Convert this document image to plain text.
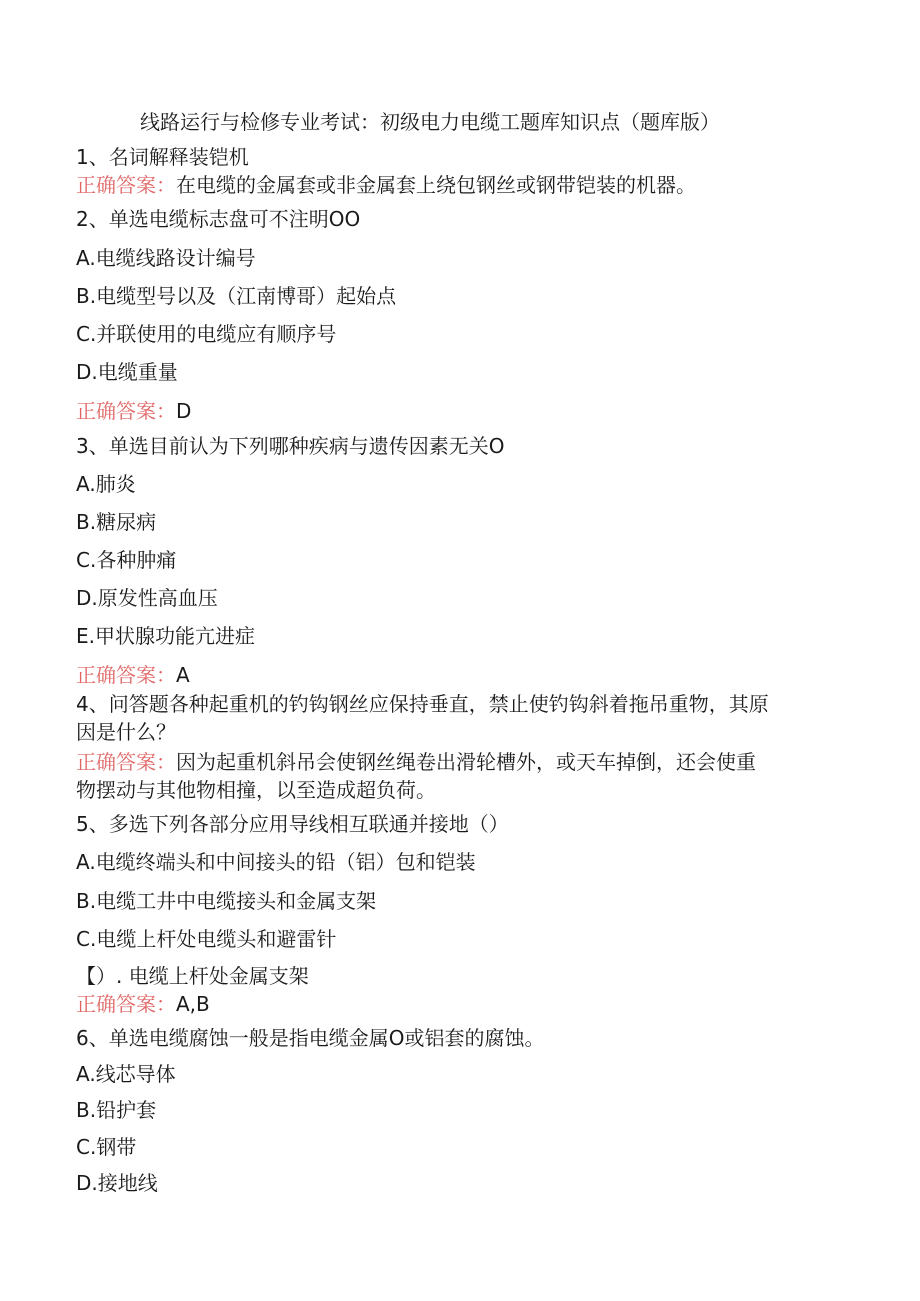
线路运行与检修专业考试：初级电力电缆工题库知识点（题库版）
1、名词解释装铠机
正确答案：在电缆的金属套或非金属套上绕包钢丝或钢带铠装的机器。
2、单选电缆标志盘可不注明OO
A.电缆线路设计编号
B.电缆型号以及（江南博哥）起始点
C.并联使用的电缆应有顺序号
D.电缆重量
正确答案：D
3、单选目前认为下列哪种疾病与遗传因素无关O
A.肺炎
B.糖尿病
C.各种肿痛
D.原发性高血压
E.甲状腺功能亢进症
正确答案：A
4、问答题各种起重机的钓钩钢丝应保持垂直，禁止使钓钩斜着拖吊重物，其原
因是什么？
正确答案：因为起重机斜吊会使钢丝绳卷出滑轮槽外，或天车掉倒，还会使重
物摆动与其他物相撞，以至造成超负荷。
5、多选下列各部分应用导线相互联通并接地（）
A.电缆终端头和中间接头的铅（铝）包和铠装
B.电缆工井中电缆接头和金属支架
C.电缆上杆处电缆头和避雷针
【）. 电缆上杆处金属支架
正确答案：A,B
6、单选电缆腐蚀一般是指电缆金属O或铝套的腐蚀。
A.线芯导体
B.铅护套
C.钢带
D.接地线
